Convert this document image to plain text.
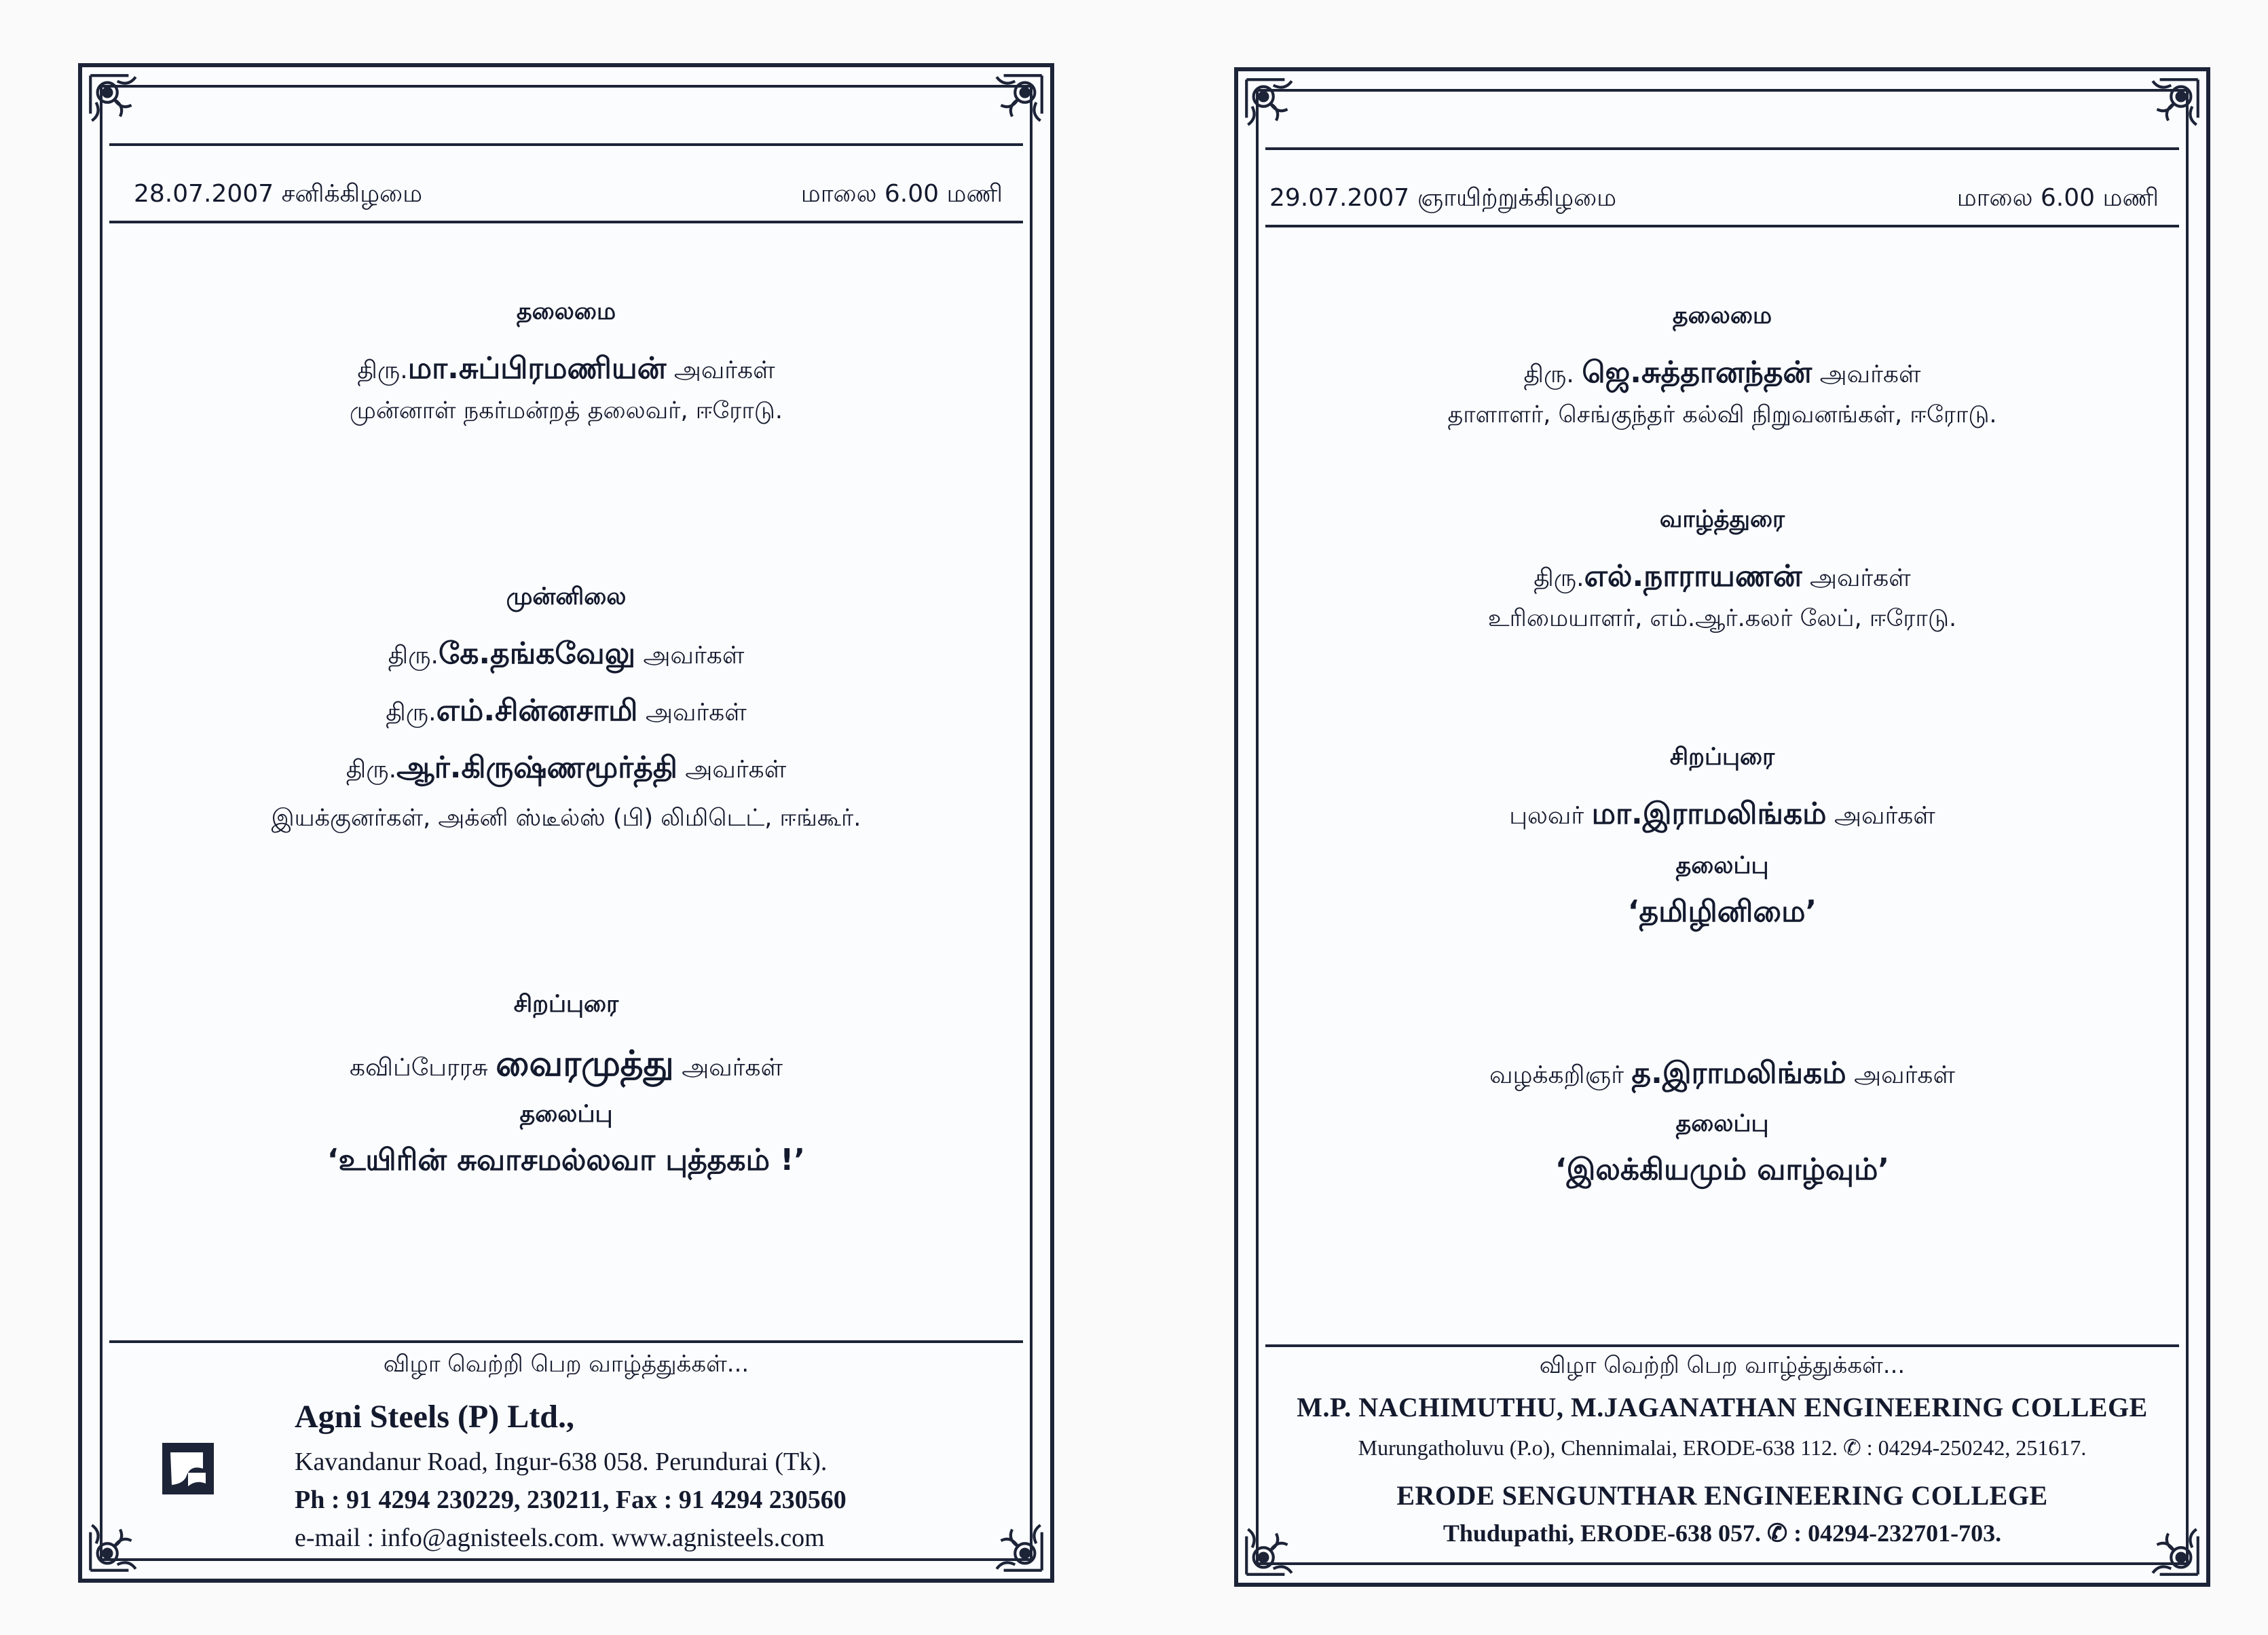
28.07.2007 சனிக்கிழமை	மாலை 6.00 மணி
தலைமை
திரு.மா.சுப்பிரமணியன் அவர்கள்
முன்னாள் நகர்மன்றத் தலைவர், ஈரோடு.
முன்னிலை
திரு.கே.தங்கவேலு அவர்கள்
திரு.எம்.சின்னசாமி அவர்கள்
திரு.ஆர்.கிருஷ்ணமூர்த்தி அவர்கள்
இயக்குனர்கள், அக்னி ஸ்டீல்ஸ் (பி) லிமிடெட், ஈங்கூர்.
சிறப்புரை
கவிப்பேரரசு வைரமுத்து அவர்கள்
தலைப்பு
‘உயிரின் சுவாசமல்லவா புத்தகம் !’
விழா வெற்றி பெற வாழ்த்துக்கள்...
Agni Steels (P) Ltd.,
Kavandanur Road, Ingur-638 058. Perundurai (Tk).
Ph : 91 4294 230229, 230211, Fax : 91 4294 230560
e-mail : info@agnisteels.com. www.agnisteels.com
29.07.2007 ஞாயிற்றுக்கிழமை	மாலை 6.00 மணி
தலைமை
திரு. ஜெ.சுத்தானந்தன் அவர்கள்
தாளாளர், செங்குந்தர் கல்வி நிறுவனங்கள், ஈரோடு.
வாழ்த்துரை
திரு.எல்.நாராயணன் அவர்கள்
உரிமையாளர், எம்.ஆர்.கலர் லேப், ஈரோடு.
சிறப்புரை
புலவர் மா.இராமலிங்கம் அவர்கள்
தலைப்பு
‘தமிழினிமை’
வழக்கறிஞர் த.இராமலிங்கம் அவர்கள்
தலைப்பு
‘இலக்கியமும் வாழ்வும்’
விழா வெற்றி பெற வாழ்த்துக்கள்...
M.P. NACHIMUTHU, M.JAGANATHAN ENGINEERING COLLEGE
Murungatholuvu (P.o), Chennimalai, ERODE-638 112. ✆ : 04294-250242, 251617.
ERODE SENGUNTHAR ENGINEERING COLLEGE
Thudupathi, ERODE-638 057. ✆ : 04294-232701-703.
